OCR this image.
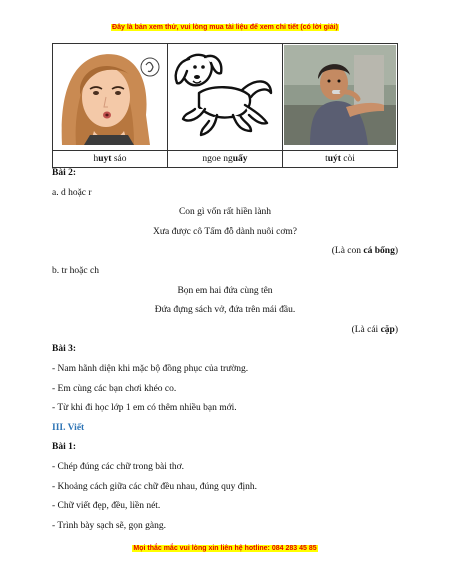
Đây là bản xem thử, vui lòng mua tài liệu để xem chi tiết (có lời giải)

huyt sáo	ngoe nguấy	tuýt còi

Bài 2:

a. d hoặc r

Con gì vốn rất hiền lành

Xưa được cô Tấm đỗ dành nuôi cơm?

(Là con cá bống)

b. tr hoặc ch

Bọn em hai đứa cùng tên

Đứa đựng sách vở, đứa trên mái đầu.

(Là cái cặp)

Bài 3:

- Nam hãnh diện khi mặc bộ đồng phục của trường.

- Em cùng các bạn chơi khéo co.

- Từ khi đi học lớp 1 em có thêm nhiều bạn mới.

III. Viết

Bài 1:

- Chép đúng các chữ trong bài thơ.

- Khoảng cách giữa các chữ đều nhau, đúng quy định.

- Chữ viết đẹp, đều, liền nét.

- Trình bày sạch sẽ, gọn gàng.

Mọi thắc mắc vui lòng xin liên hệ hotline: 084 283 45 85
